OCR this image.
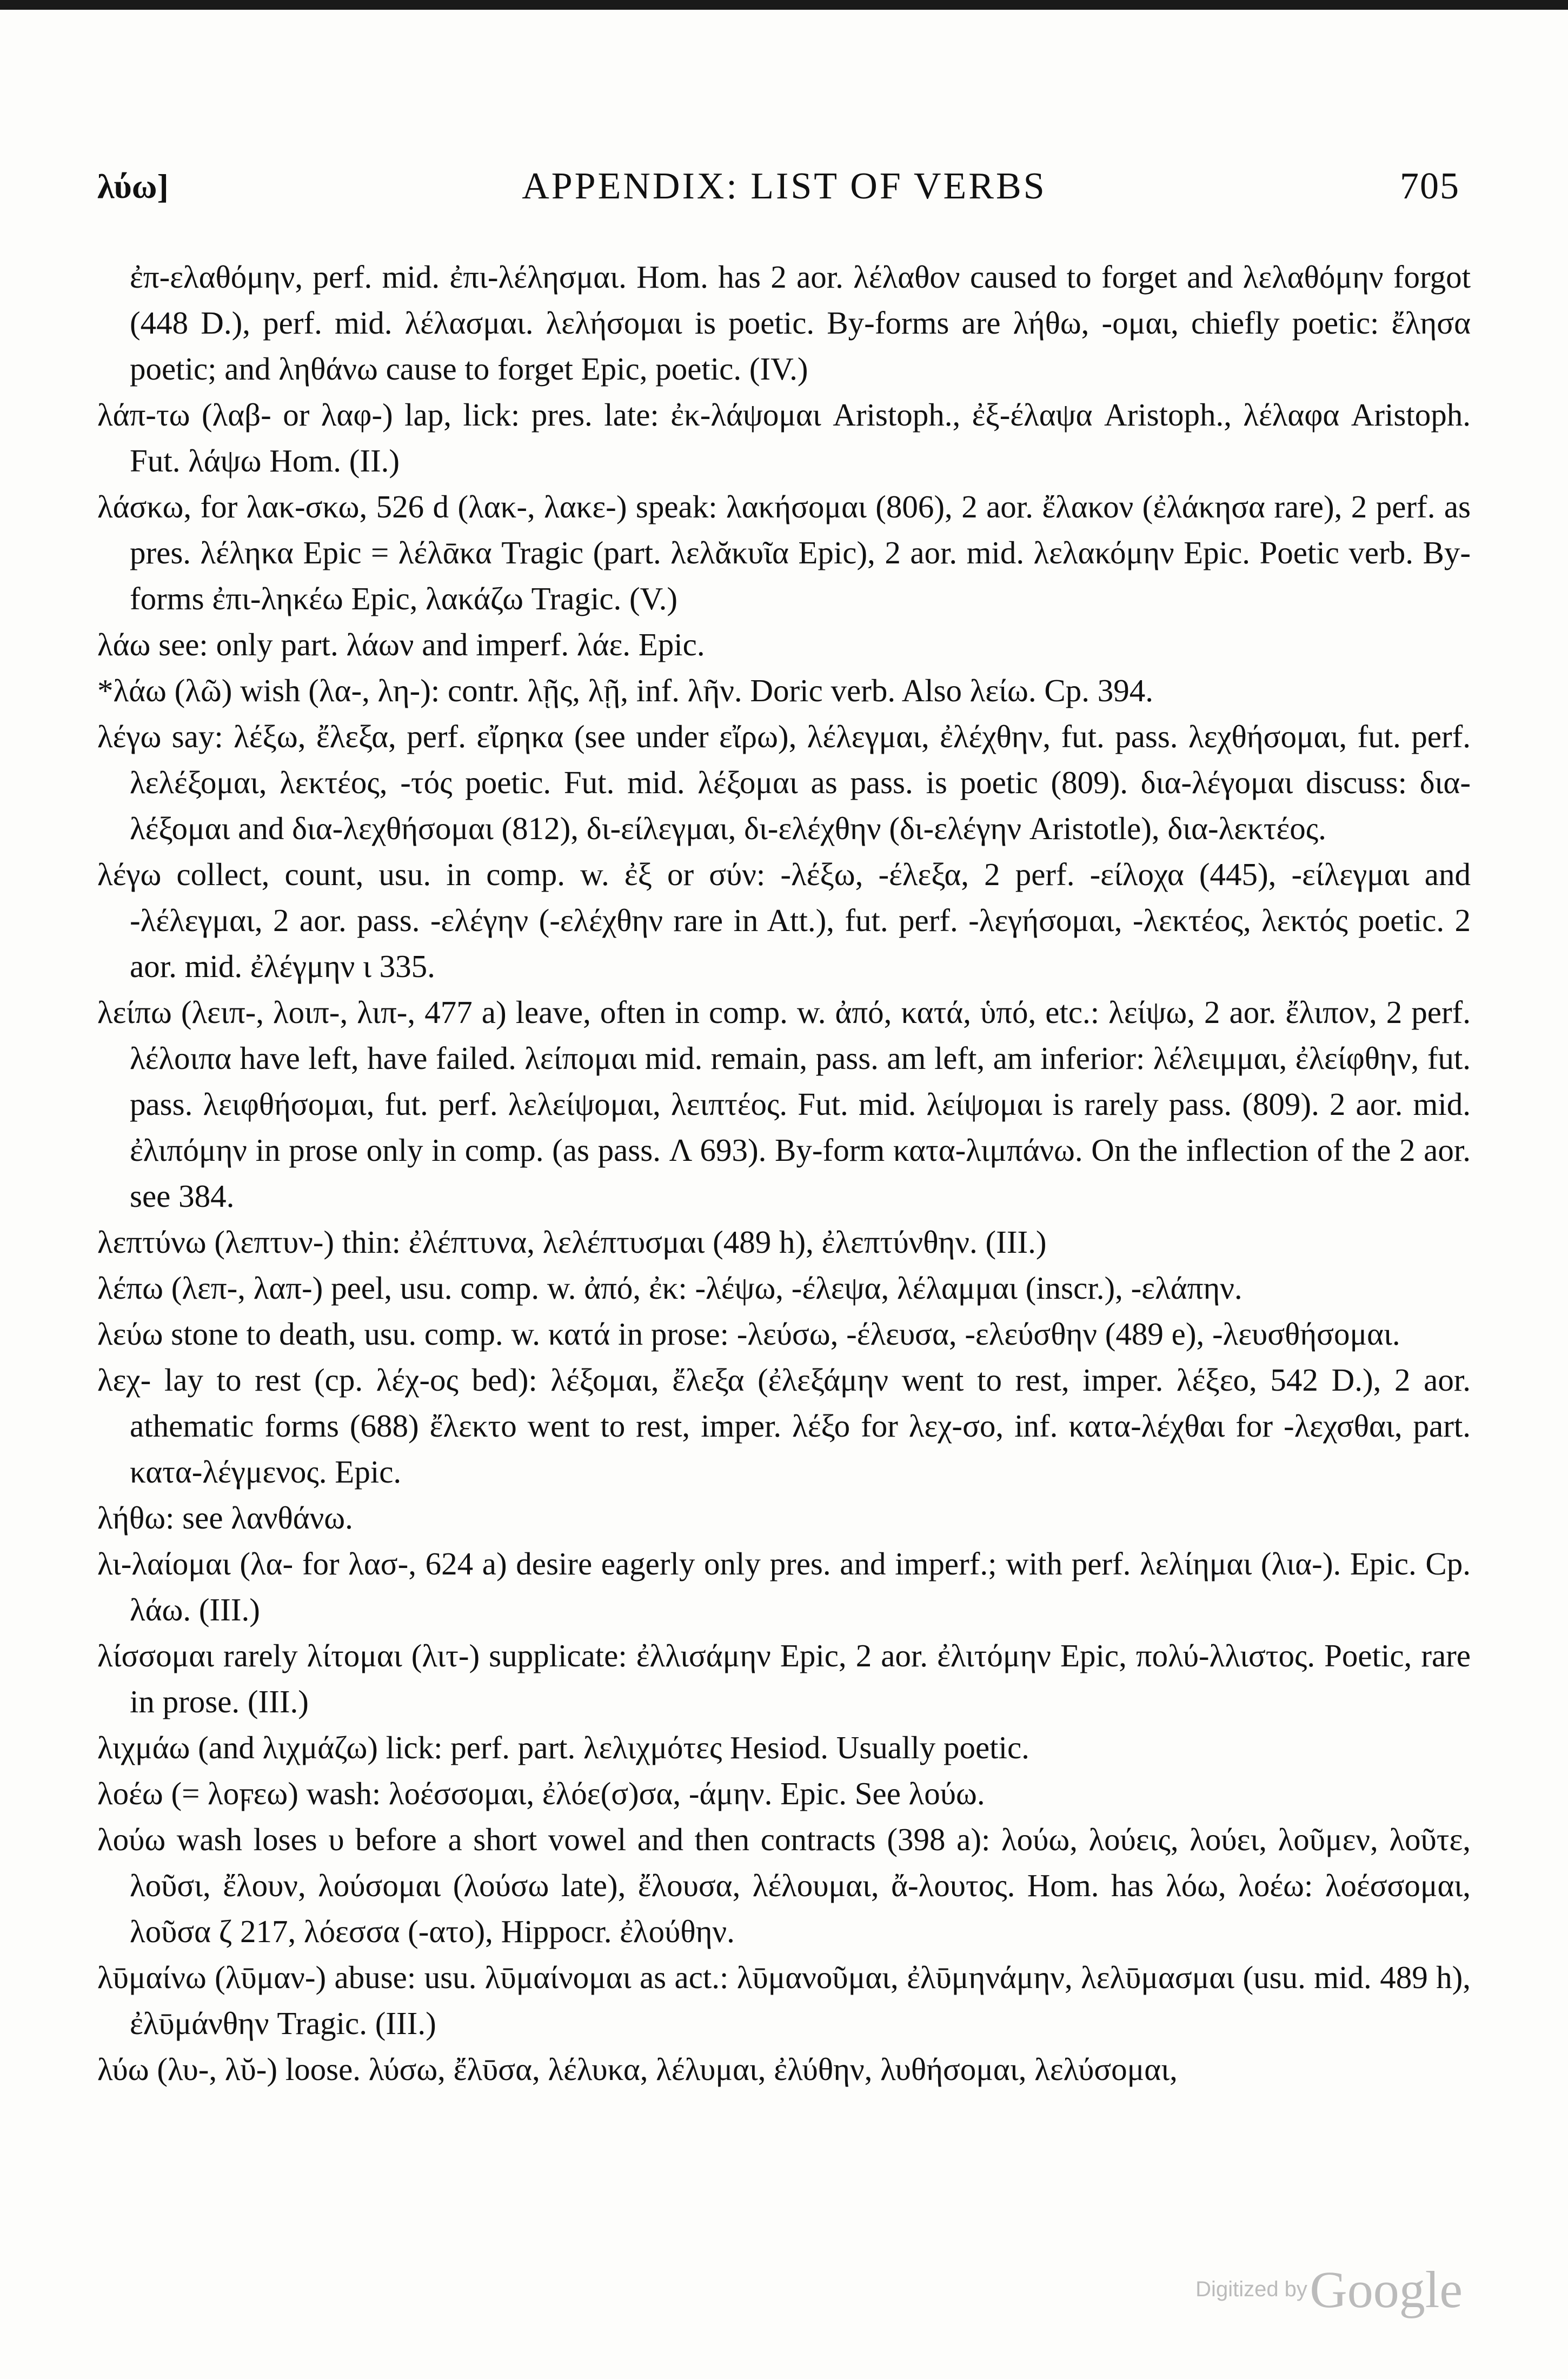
λύω]	APPENDIX: LIST OF VERBS	705

ἐπ-ελαθόμην, perf. mid. ἐπι-λέλησμαι. Hom. has 2 aor. λέλαθον caused to forget and λελαθόμην forgot (448 D.), perf. mid. λέλασμαι. λελήσομαι is poetic. By-forms are λήθω, -ομαι, chiefly poetic: ἔλησα poetic; and ληθάνω cause to forget Epic, poetic. (IV.)

λάπ-τω (λαβ- or λαφ-) lap, lick: pres. late: ἐκ-λάψομαι Aristoph., ἐξ-έλαψα Aristoph., λέλαφα Aristoph. Fut. λάψω Hom. (II.)

λάσκω, for λακ-σκω, 526 d (λακ-, λακε-) speak: λακήσομαι (806), 2 aor. ἔλακον (ἐλάκησα rare), 2 perf. as pres. λέληκα Epic = λέλᾱκα Tragic (part. λελᾰκυῖα Epic), 2 aor. mid. λελακόμην Epic. Poetic verb. By-forms ἐπι-ληκέω Epic, λακάζω Tragic. (V.)

λάω see: only part. λάων and imperf. λάε. Epic.

*λάω (λῶ) wish (λα-, λη-): contr. λῇς, λῇ, inf. λῆν. Doric verb. Also λείω. Cp. 394.

λέγω say: λέξω, ἔλεξα, perf. εἴρηκα (see under εἴρω), λέλεγμαι, ἐλέχθην, fut. pass. λεχθήσομαι, fut. perf. λελέξομαι, λεκτέος, -τός poetic. Fut. mid. λέξομαι as pass. is poetic (809). δια-λέγομαι discuss: δια-λέξομαι and δια-λεχθήσομαι (812), δι-είλεγμαι, δι-ελέχθην (δι-ελέγην Aristotle), δια-λεκτέος.

λέγω collect, count, usu. in comp. w. ἐξ or σύν: -λέξω, -έλεξα, 2 perf. -είλοχα (445), -είλεγμαι and -λέλεγμαι, 2 aor. pass. -ελέγην (-ελέχθην rare in Att.), fut. perf. -λεγήσομαι, -λεκτέος, λεκτός poetic. 2 aor. mid. ἐλέγμην ι 335.

λείπω (λειπ-, λοιπ-, λιπ-, 477 a) leave, often in comp. w. ἀπό, κατά, ὑπό, etc.: λείψω, 2 aor. ἔλιπον, 2 perf. λέλοιπα have left, have failed. λείπομαι mid. remain, pass. am left, am inferior: λέλειμμαι, ἐλείφθην, fut. pass. λειφθήσομαι, fut. perf. λελείψομαι, λειπτέος. Fut. mid. λείψομαι is rarely pass. (809). 2 aor. mid. ἐλιπόμην in prose only in comp. (as pass. Λ 693). By-form κατα-λιμπάνω. On the inflection of the 2 aor. see 384.

λεπτύνω (λεπτυν-) thin: ἐλέπτυνα, λελέπτυσμαι (489 h), ἐλεπτύνθην. (III.)

λέπω (λεπ-, λαπ-) peel, usu. comp. w. ἀπό, ἐκ: -λέψω, -έλεψα, λέλαμμαι (inscr.), -ελάπην.

λεύω stone to death, usu. comp. w. κατά in prose: -λεύσω, -έλευσα, -ελεύσθην (489 e), -λευσθήσομαι.

λεχ- lay to rest (cp. λέχ-ος bed): λέξομαι, ἔλεξα (ἐλεξάμην went to rest, imper. λέξεο, 542 D.), 2 aor. athematic forms (688) ἔλεκτο went to rest, imper. λέξο for λεχ-σο, inf. κατα-λέχθαι for -λεχσθαι, part. κατα-λέγμενος. Epic.

λήθω: see λανθάνω.

λι-λαίομαι (λα- for λασ-, 624 a) desire eagerly only pres. and imperf.; with perf. λελίημαι (λια-). Epic. Cp. λάω. (III.)

λίσσομαι rarely λίτομαι (λιτ-) supplicate: ἐλλισάμην Epic, 2 aor. ἐλιτόμην Epic, πολύ-λλιστος. Poetic, rare in prose. (III.)

λιχμάω (and λιχμάζω) lick: perf. part. λελιχμότες Hesiod. Usually poetic.

λοέω (= λοϝεω) wash: λοέσσομαι, ἐλόε(σ)σα, -άμην. Epic. See λούω.

λούω wash loses υ before a short vowel and then contracts (398 a): λούω, λούεις, λούει, λοῦμεν, λοῦτε, λοῦσι, ἔλουν, λούσομαι (λούσω late), ἔλουσα, λέλουμαι, ἄ-λουτος. Hom. has λόω, λοέω: λοέσσομαι, λοῦσα ζ 217, λόεσσα (-ατο), Hippocr. ἐλούθην.

λῡμαίνω (λῡμαν-) abuse: usu. λῡμαίνομαι as act.: λῡμανοῦμαι, ἐλῡμηνάμην, λελῡμασμαι (usu. mid. 489 h), ἐλῡμάνθην Tragic. (III.)

λύω (λυ-, λῠ-) loose. λύσω, ἔλῡσα, λέλυκα, λέλυμαι, ἐλύθην, λυθήσομαι, λελύσομαι,

Digitized by Google
